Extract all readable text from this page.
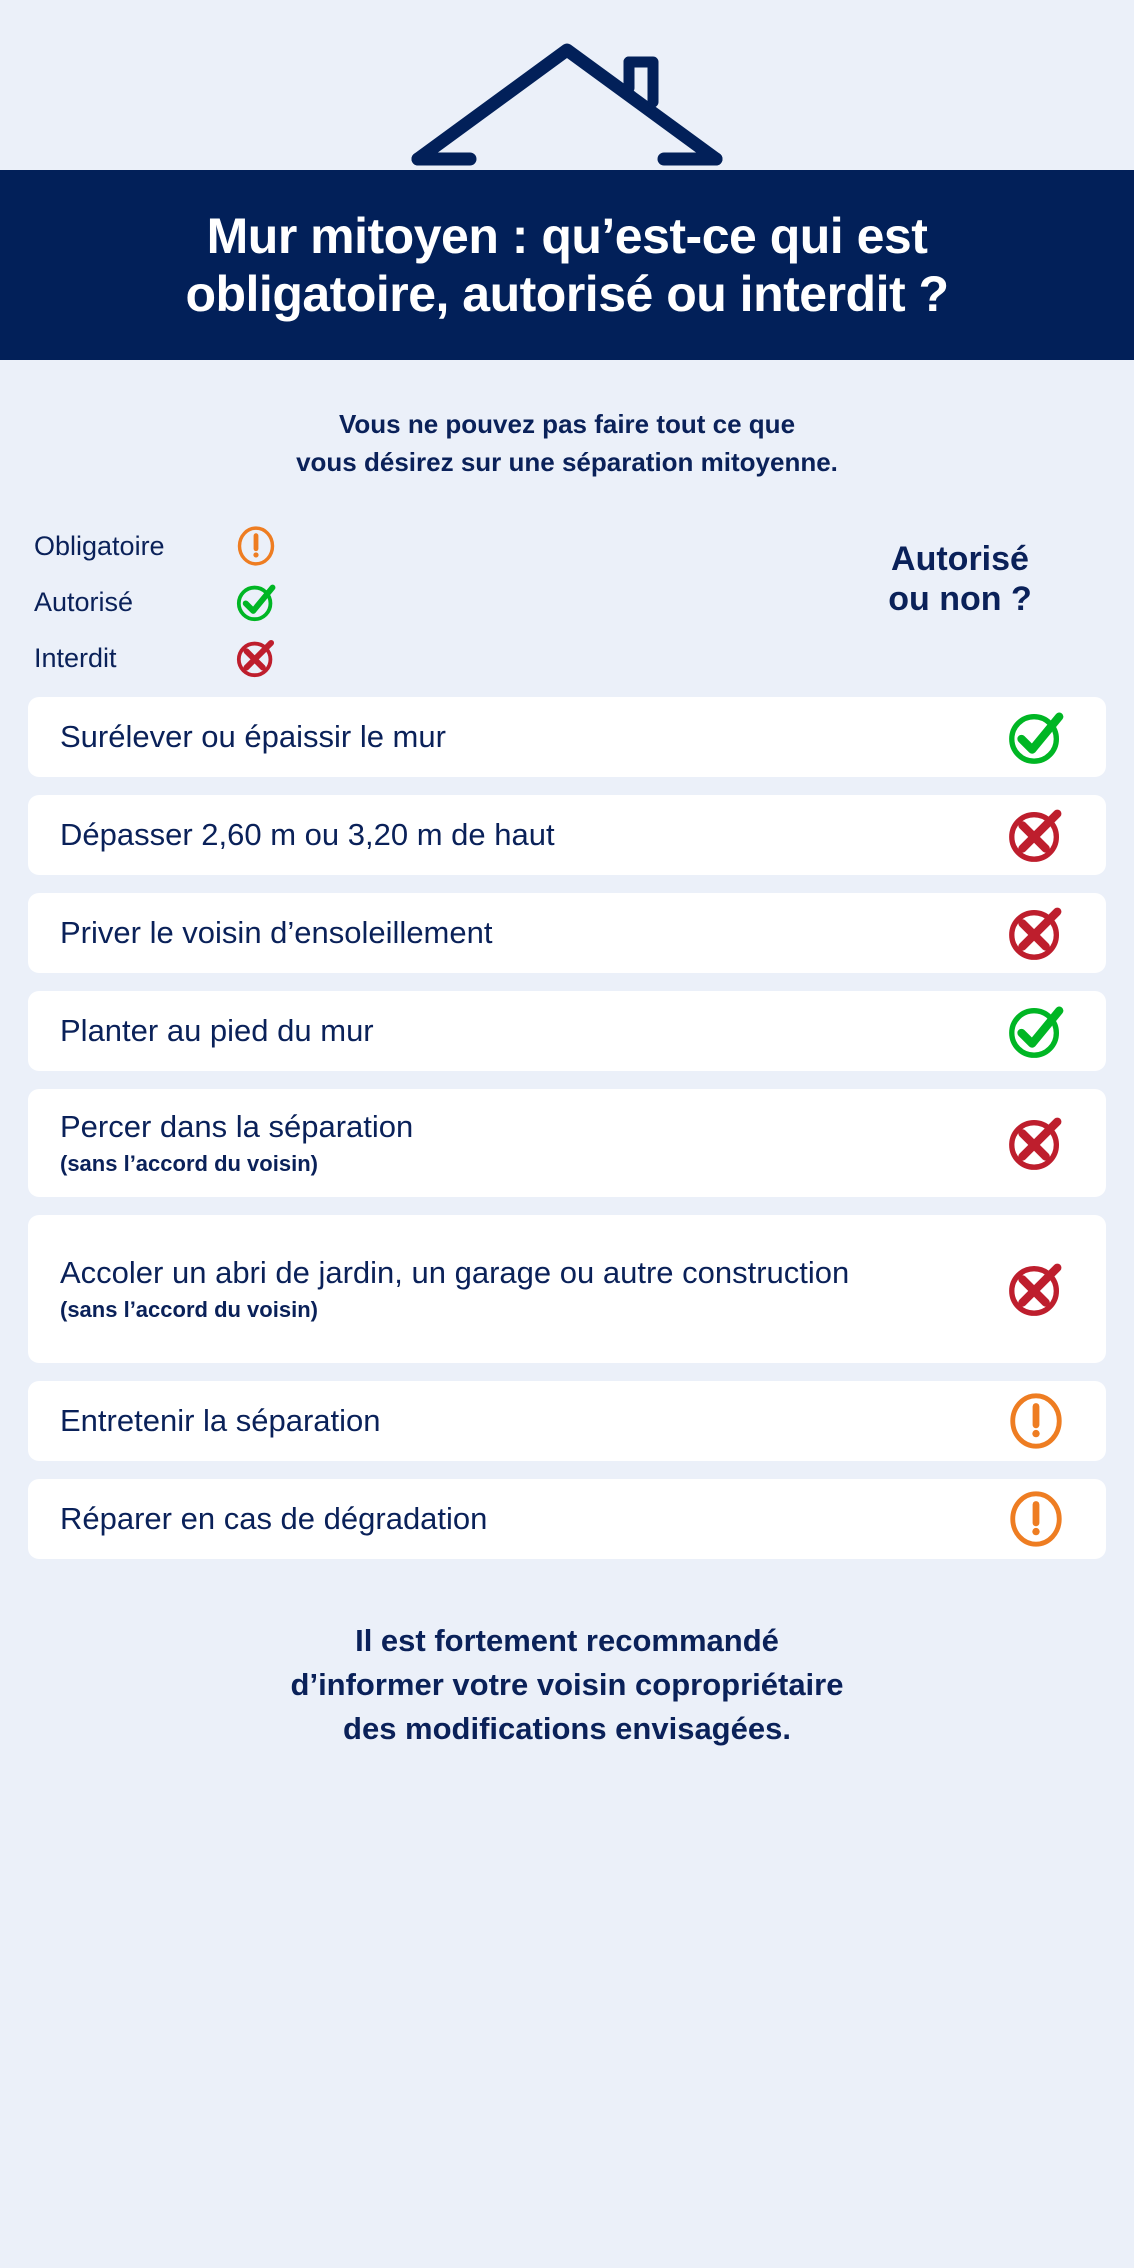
Mur mitoyen : qu’est-ce qui est
obligatoire, autorisé ou interdit ?
Vous ne pouvez pas faire tout ce que
vous désirez sur une séparation mitoyenne.
Obligatoire
Autorisé
Interdit
Autorisé
ou non ?
Surélever ou épaissir le mur
Dépasser 2,60 m ou 3,20 m de haut
Priver le voisin d’ensoleillement
Planter au pied du mur
Percer dans la séparation
(sans l’accord du voisin)
Accoler un abri de jardin, un garage ou autre construction
(sans l’accord du voisin)
Entretenir la séparation
Réparer en cas de dégradation
Il est fortement recommandé
d’informer votre voisin copropriétaire
des modifications envisagées.
